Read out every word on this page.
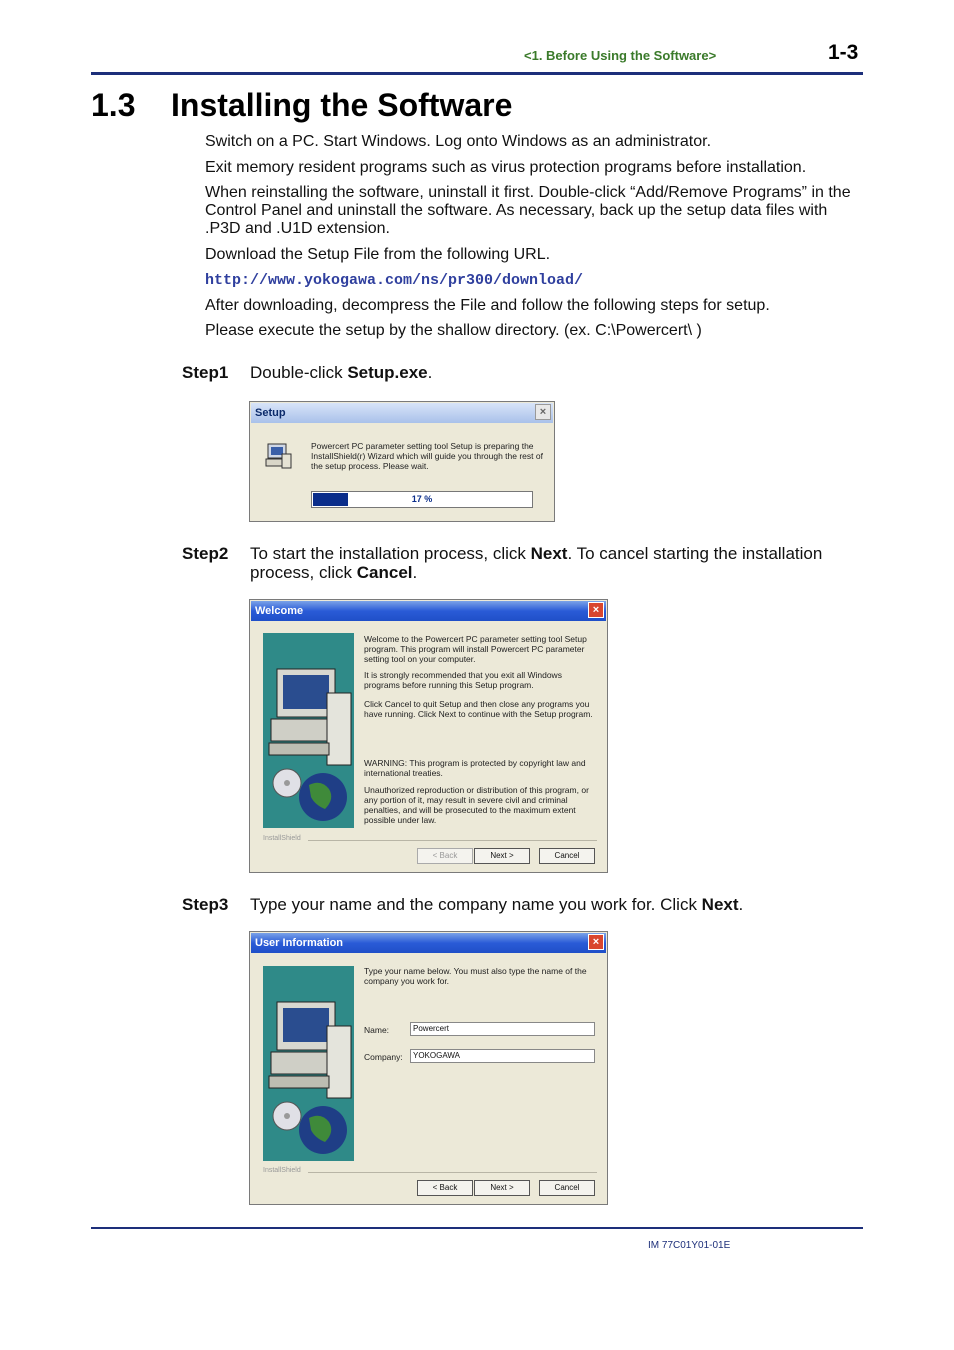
<1. Before Using the Software>	1-3
1.3 Installing the Software

Switch on a PC. Start Windows. Log onto Windows as an administrator.

Exit memory resident programs such as virus protection programs before installation.

When reinstalling the software, uninstall it first. Double-click “Add/Remove Programs” in the Control Panel and uninstall the software. As necessary, back up the setup data files with .P3D and .U1D extension.

Download the Setup File from the following URL.

http://www.yokogawa.com/ns/pr300/download/

After downloading, decompress the File and follow the following steps for setup.

Please execute the setup by the shallow directory. (ex. C:\Powercert\ )

Step1 Double-click Setup.exe.
Setup	×
Powercert PC parameter setting tool Setup is preparing the InstallShield(r) Wizard which will guide you through the rest of the setup process. Please wait.
17 %
Step2 To start the installation process, click Next. To cancel starting the installation process, click Cancel.
Welcome	×
Welcome to the Powercert PC parameter setting tool Setup program. This program will install Powercert PC parameter setting tool on your computer.
It is strongly recommended that you exit all Windows programs before running this Setup program.
Click Cancel to quit Setup and then close any programs you have running. Click Next to continue with the Setup program.
WARNING: This program is protected by copyright law and international treaties.
Unauthorized reproduction or distribution of this program, or any portion of it, may result in severe civil and criminal penalties, and will be prosecuted to the maximum extent possible under law.
InstallShield
< Back	Next >	Cancel
Step3 Type your name and the company name you work for. Click Next.
User Information	×
Type your name below. You must also type the name of the company you work for.
Name:	Powercert
Company:	YOKOGAWA
InstallShield
< Back	Next >	Cancel
IM 77C01Y01-01E
